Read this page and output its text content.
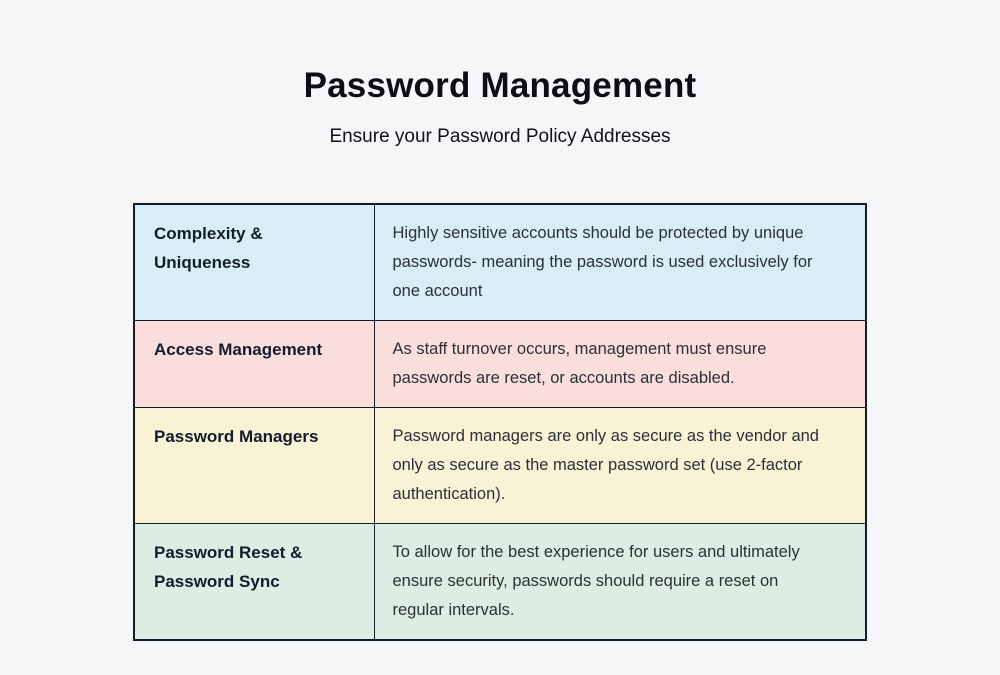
Password Management
Ensure your Password Policy Addresses
Complexity & Uniqueness	Highly sensitive accounts should be protected by unique passwords- meaning the password is used exclusively for one account
Access Management	As staff turnover occurs, management must ensure passwords are reset, or accounts are disabled.
Password Managers	Password managers are only as secure as the vendor and only as secure as the master password set (use 2-factor authentication).
Password Reset & Password Sync	To allow for the best experience for users and ultimately ensure security, passwords should require a reset on regular intervals.
